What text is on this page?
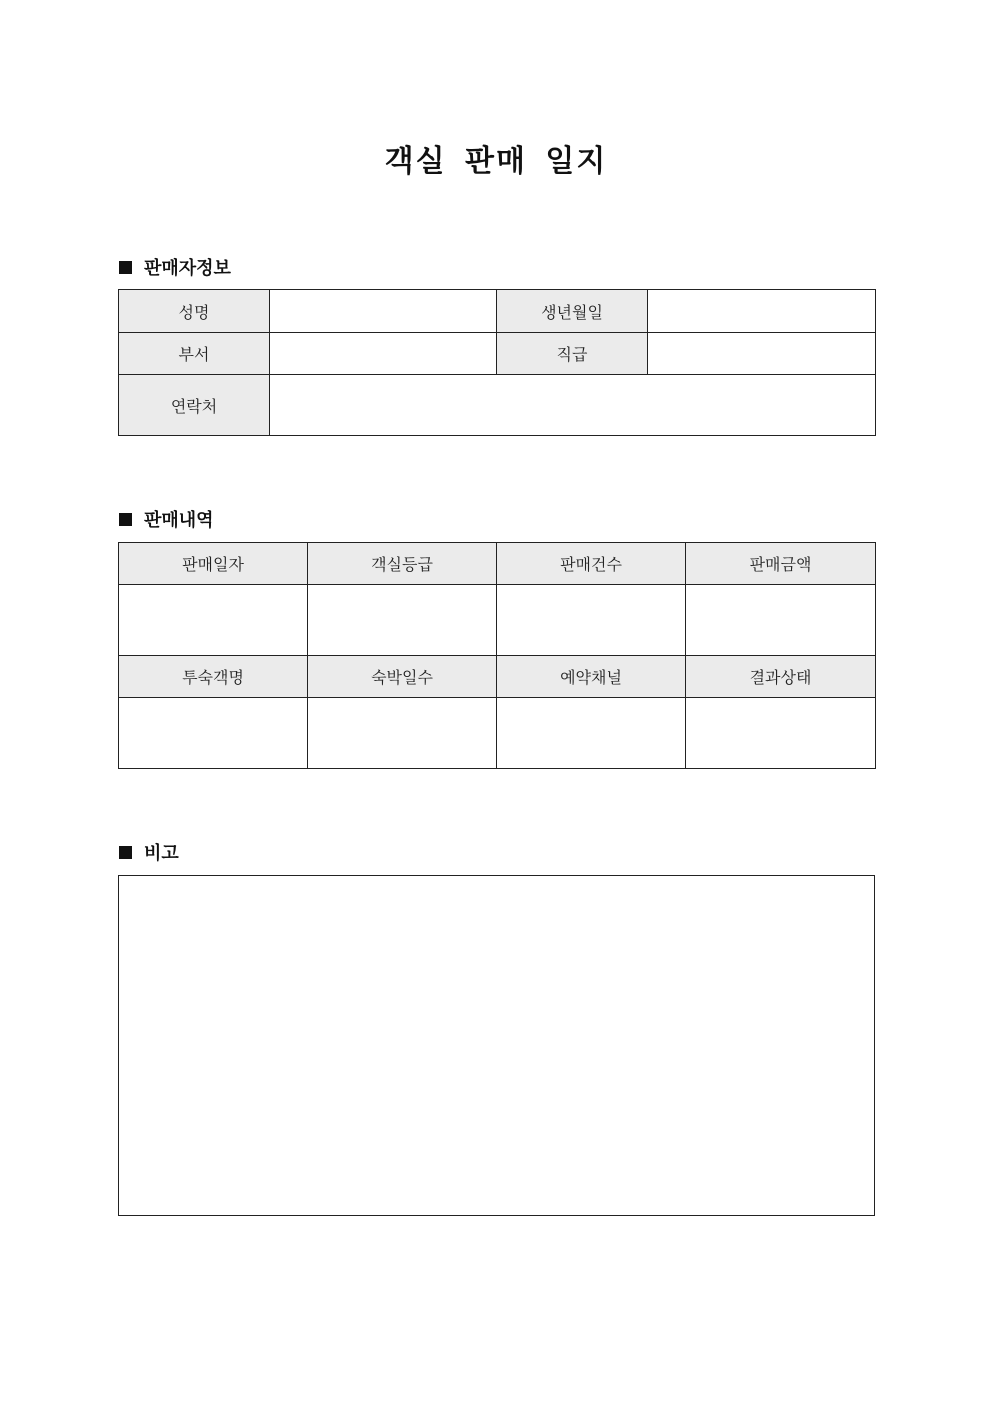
객실 판매 일지
판매자정보
성명		생년월일	
부서		직급	
연락처			
판매내역
판매일자	객실등급	판매건수	판매금액

투숙객명	숙박일수	예약채널	결과상태

비고
